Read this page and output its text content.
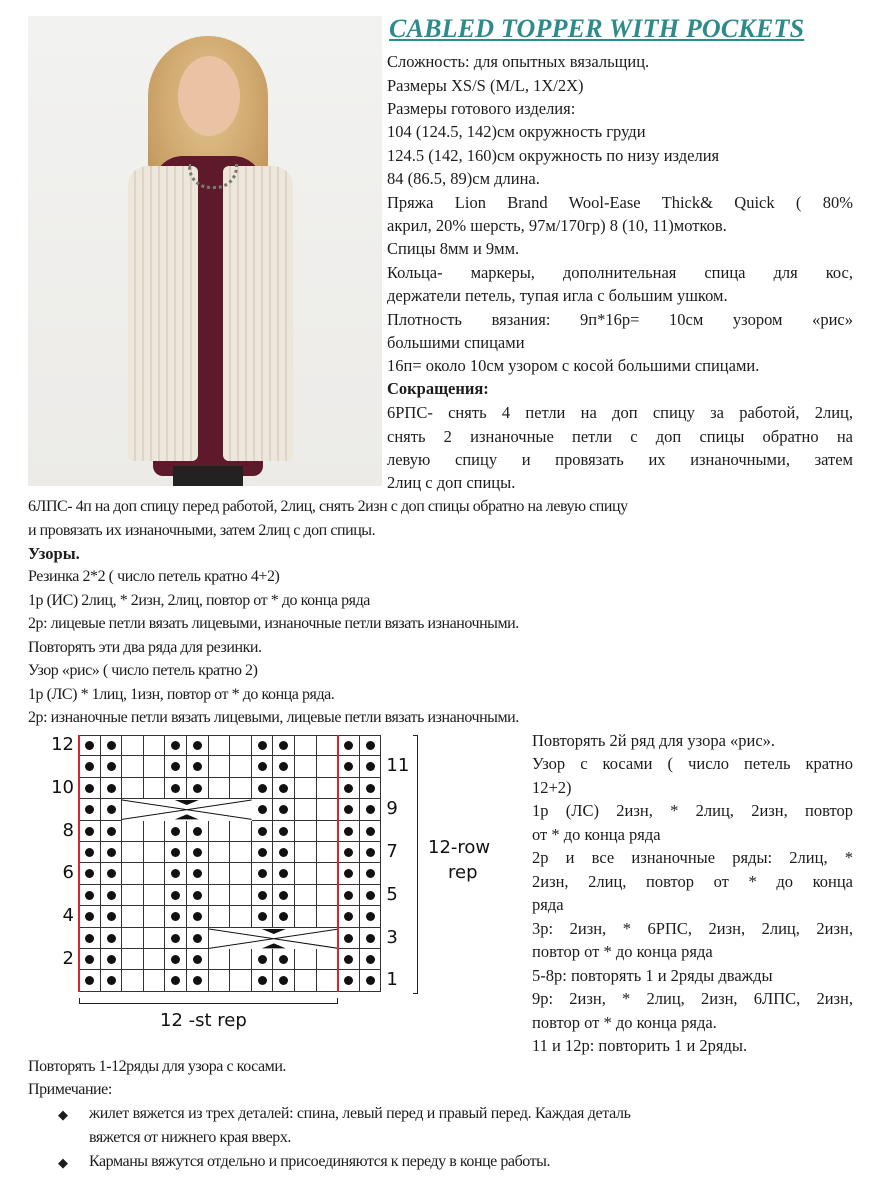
CABLED TOPPER WITH POCKETS
Сложность: для опытных вязальщиц.
Размеры XS/S (M/L, 1X/2X)
Размеры готового изделия:
104 (124.5, 142)см окружность груди
124.5 (142, 160)см окружность по низу изделия
84 (86.5, 89)см длина.
Пряжа Lion Brand Wool-Ease Thick& Quick ( 80%
акрил, 20% шерсть, 97м/170гр) 8 (10, 11)мотков.
Спицы 8мм и 9мм.
Кольца- маркеры, дополнительная спица для кос,
держатели петель, тупая игла с большим ушком.
Плотность вязания: 9п*16р= 10см узором «рис»
большими спицами
16п= около 10см узором с косой большими спицами.
Сокращения:
6РПС- снять 4 петли на доп спицу за работой, 2лиц,
снять 2 изнаночные петли с доп спицы обратно на
левую спицу и провязать их изнаночными, затем
2лиц с доп спицы.
6ЛПС- 4п на доп спицу перед работой, 2лиц, снять 2изн с доп спицы обратно на левую спицу
и провязать их изнаночными, затем 2лиц с доп спицы.
Узоры.
Резинка 2*2 ( число петель кратно 4+2)
1р (ИС) 2лиц, * 2изн, 2лиц, повтор от * до конца ряда
2р: лицевые петли вязать лицевыми, изнаночные петли вязать изнаночными.
Повторять эти два ряда для резинки.
Узор «рис» ( число петель кратно 2)
1р (ЛС) * 1лиц, 1изн, повтор от * до конца ряда.
2р: изнаночные петли вязать лицевыми, лицевые петли вязать изнаночными.
12
10
8
6
4
2
11
9
7
5
3
1
12-row
rep
12 -st rep
Повторять 2й ряд для узора «рис».
Узор с косами ( число петель кратно
12+2)
1р (ЛС) 2изн, * 2лиц, 2изн, повтор
от * до конца ряда
2р и все изнаночные ряды: 2лиц, *
2изн, 2лиц, повтор от * до конца
ряда
3р: 2изн, * 6РПС, 2изн, 2лиц, 2изн,
повтор от * до конца ряда
5-8р: повторять 1 и 2ряды дважды
9р: 2изн, * 2лиц, 2изн, 6ЛПС, 2изн,
повтор от * до конца ряда.
11 и 12р: повторить 1 и 2ряды.
Повторять 1-12ряды для узора с косами.
Примечание:
◆ жилет вяжется из трех деталей: спина, левый перед и правый перед. Каждая деталь
вяжется от нижнего края вверх.
◆ Карманы вяжутся отдельно и присоединяются к переду в конце работы.
